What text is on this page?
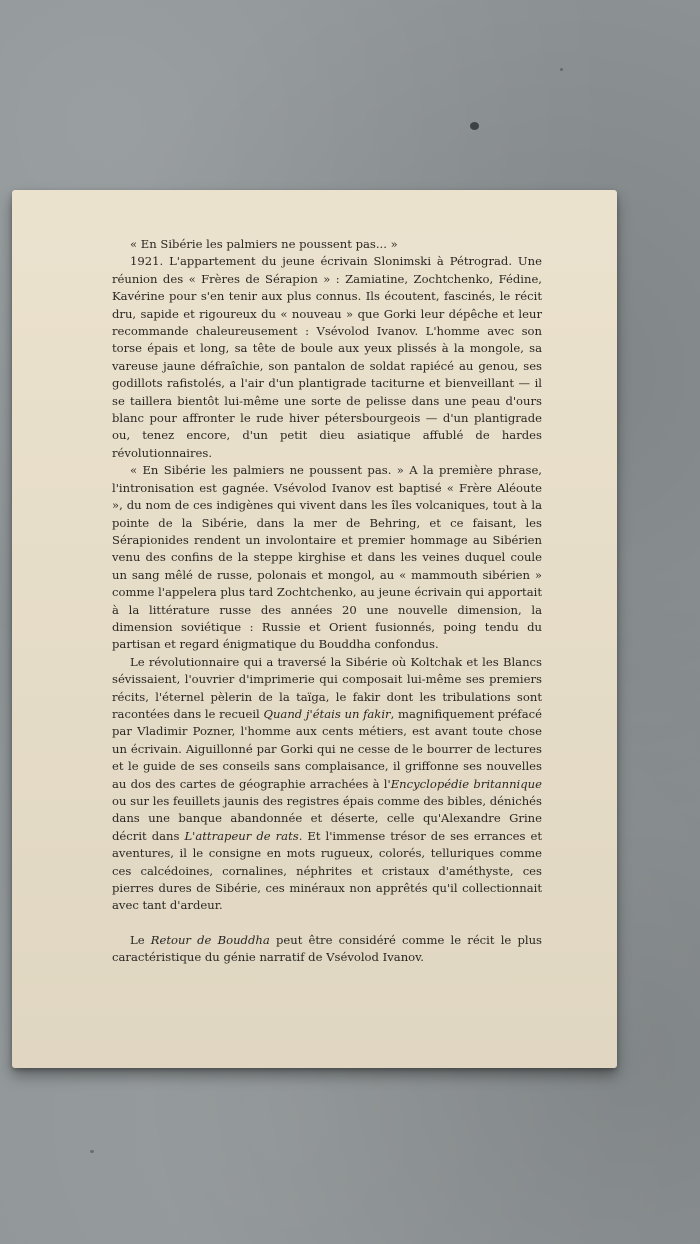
« En Sibérie les palmiers ne poussent pas... »

1921. L'appartement du jeune écrivain Slonimski à Pétrograd. Une réunion des « Frères de Sérapion » : Zamiatine, Zochtchenko, Fédine, Kavérine pour s'en tenir aux plus connus. Ils écoutent, fascinés, le récit dru, sapide et rigoureux du « nouveau » que Gorki leur dépêche et leur recommande chaleureusement : Vsévolod Ivanov. L'homme avec son torse épais et long, sa tête de boule aux yeux plissés à la mongole, sa vareuse jaune défraîchie, son pantalon de soldat rapiécé au genou, ses godillots rafistolés, a l'air d'un plantigrade taciturne et bienveillant — il se taillera bientôt lui-même une sorte de pelisse dans une peau d'ours blanc pour affronter le rude hiver pétersbourgeois — d'un plantigrade ou, tenez encore, d'un petit dieu asiatique affublé de hardes révolutionnaires.

« En Sibérie les palmiers ne poussent pas. » A la première phrase, l'intronisation est gagnée. Vsévolod Ivanov est baptisé « Frère Aléoute », du nom de ces indigènes qui vivent dans les îles volcaniques, tout à la pointe de la Sibérie, dans la mer de Behring, et ce faisant, les Sérapionides rendent un involontaire et premier hommage au Sibérien venu des confins de la steppe kirghise et dans les veines duquel coule un sang mêlé de russe, polonais et mongol, au « mammouth sibérien » comme l'appelera plus tard Zochtchenko, au jeune écrivain qui apportait à la littérature russe des années 20 une nouvelle dimension, la dimension soviétique : Russie et Orient fusionnés, poing tendu du partisan et regard énigmatique du Bouddha confondus.

Le révolutionnaire qui a traversé la Sibérie où Koltchak et les Blancs sévissaient, l'ouvrier d'imprimerie qui composait lui-même ses premiers récits, l'éternel pèlerin de la taïga, le fakir dont les tribulations sont racontées dans le recueil Quand j'étais un fakir, magnifiquement préfacé par Vladimir Pozner, l'homme aux cents métiers, est avant toute chose un écrivain. Aiguillonné par Gorki qui ne cesse de le bourrer de lectures et le guide de ses conseils sans complaisance, il griffonne ses nouvelles au dos des cartes de géographie arrachées à l'Encyclopédie britannique ou sur les feuillets jaunis des registres épais comme des bibles, dénichés dans une banque abandonnée et déserte, celle qu'Alexandre Grine décrit dans L'attrapeur de rats. Et l'immense trésor de ses errances et aventures, il le consigne en mots rugueux, colorés, telluriques comme ces calcédoines, cornalines, néphrites et cristaux d'améthyste, ces pierres dures de Sibérie, ces minéraux non apprêtés qu'il collectionnait avec tant d'ardeur.

Le Retour de Bouddha peut être considéré comme le récit le plus caractéristique du génie narratif de Vsévolod Ivanov.
